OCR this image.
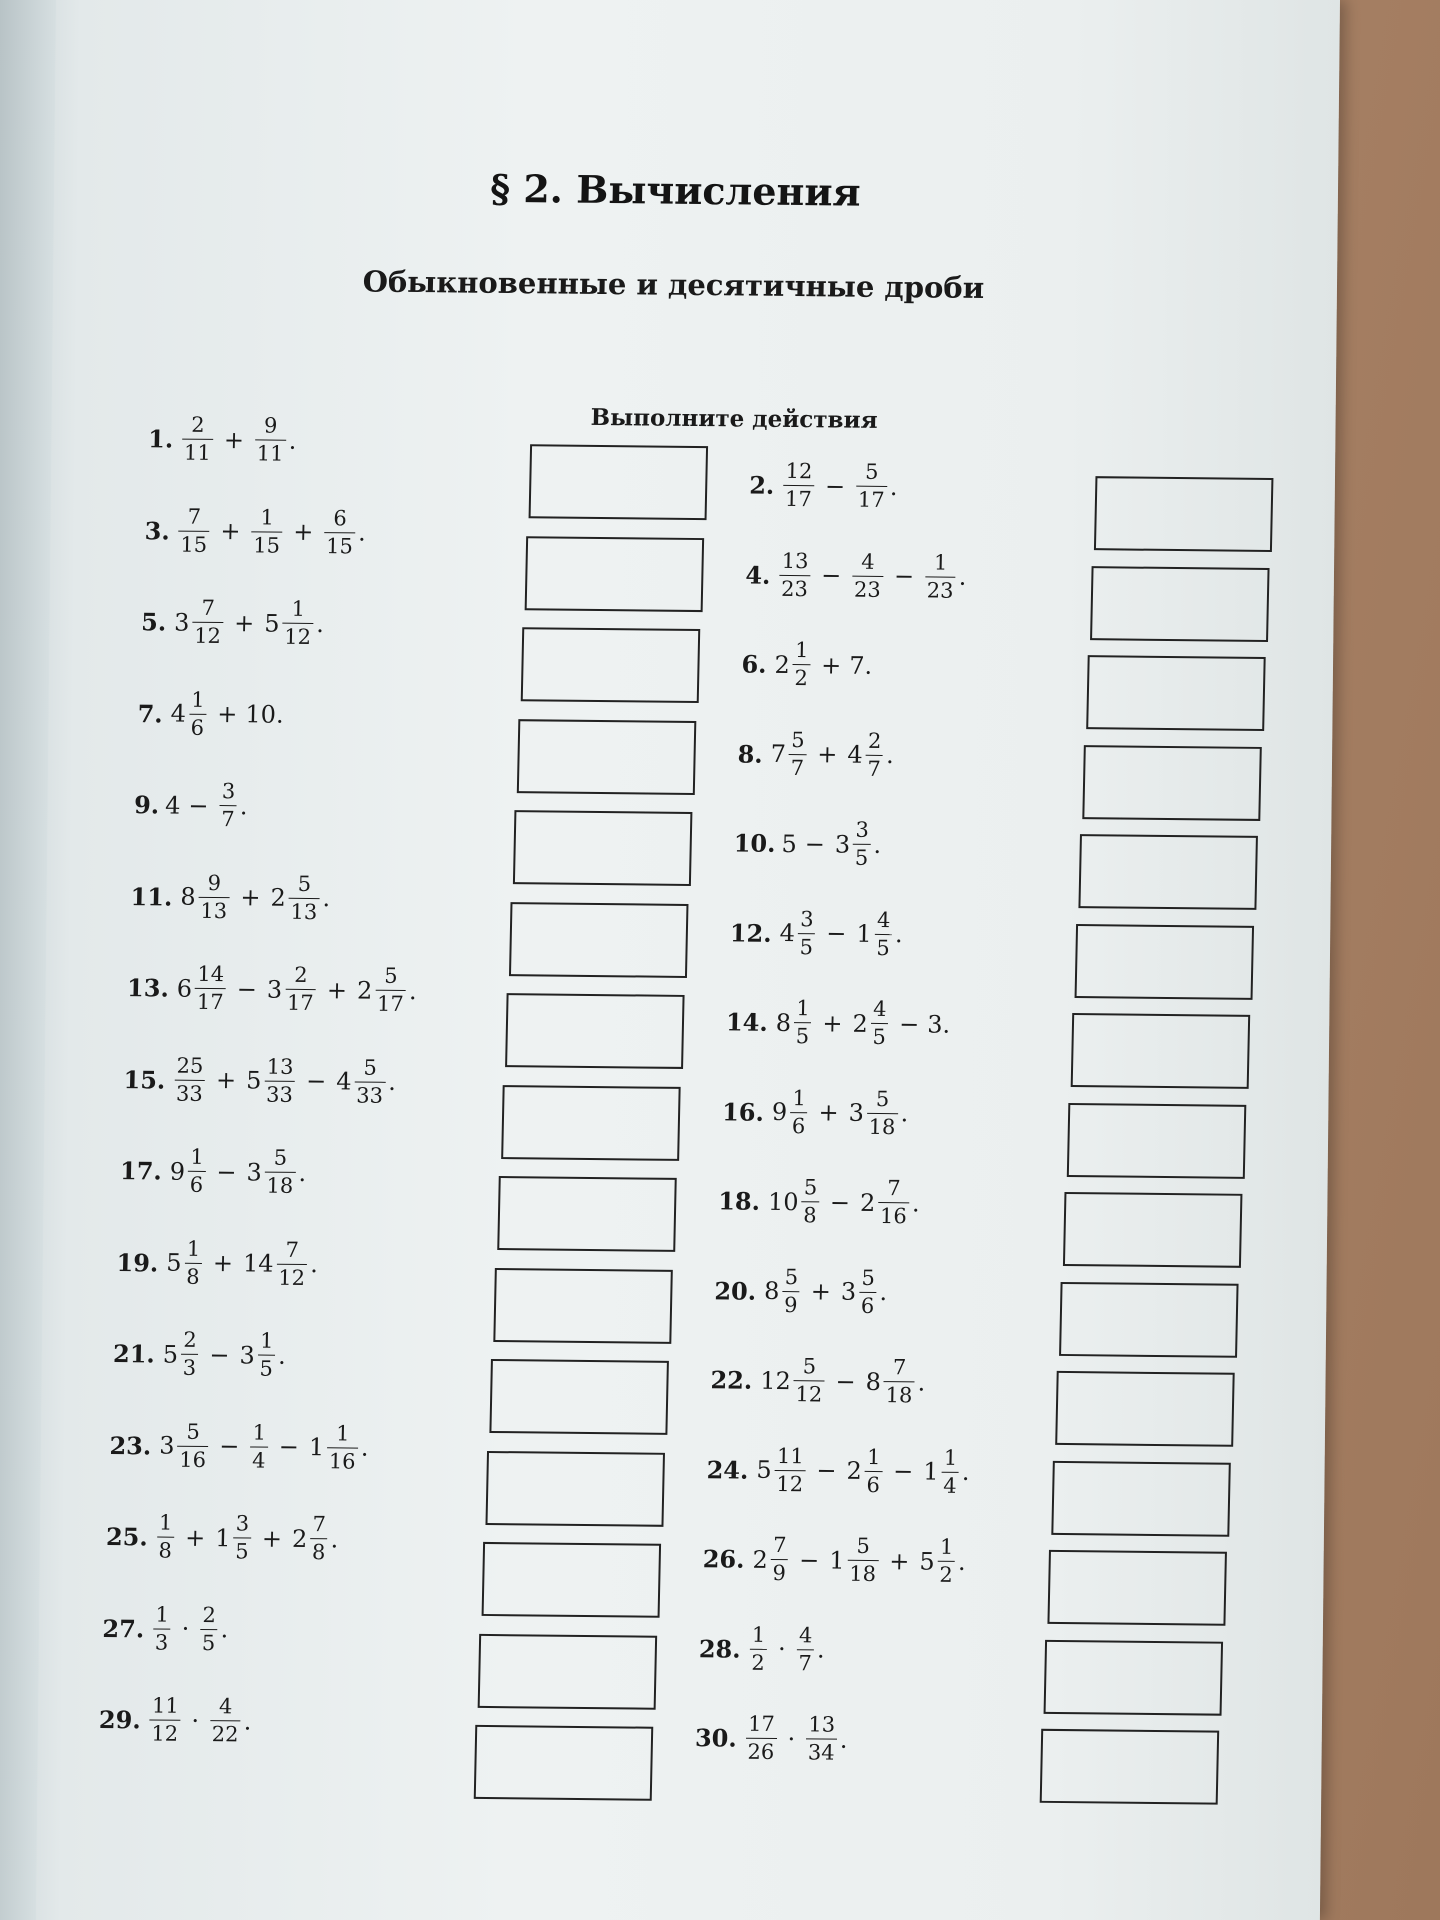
§ 2. Вычисления
Обыкновенные и десятичные дроби
Выполните действия
1. $\frac{2}{11} + \frac{9}{11}$ .
3. $\frac{7}{15} + \frac{1}{15} + \frac{6}{15}$ .
5. $3 \frac{7}{12} + 5 \frac{1}{12}$ .
7. $4 \frac{1}{6} + 10$.
9. $4 - \frac{3}{7}$ .
11. $8 \frac{9}{13} + 2 \frac{5}{13}$ .
13. $6 \frac{14}{17} - 3 \frac{2}{17} + 2 \frac{5}{17}$ .
15. $\frac{25}{33} + 5 \frac{13}{33} - 4 \frac{5}{33}$ .
17. $9 \frac{1}{6} - 3 \frac{5}{18}$ .
19. $5 \frac{1}{8} + 14 \frac{7}{12}$ .
21. $5 \frac{2}{3} - 3 \frac{1}{5}$ .
23. $3 \frac{5}{16} - \frac{1}{4} - 1 \frac{1}{16}$ .
25. $\frac{1}{8} + 1 \frac{3}{5} + 2 \frac{7}{8}$ .
27. $\frac{1}{3} \cdot \frac{2}{5}$ .
29. $\frac{11}{12} \cdot \frac{4}{22}$ .
2. $\frac{12}{17} - \frac{5}{17}$ .
4. $\frac{13}{23} - \frac{4}{23} - \frac{1}{23}$ .
6. $2 \frac{1}{2} + 7$.
8. $7 \frac{5}{7} + 4 \frac{2}{7}$ .
10. $5 - 3 \frac{3}{5}$ .
12. $4 \frac{3}{5} - 1 \frac{4}{5}$ .
14. $8 \frac{1}{5} + 2 \frac{4}{5} - 3$.
16. $9 \frac{1}{6} + 3 \frac{5}{18}$ .
18. $10 \frac{5}{8} - 2 \frac{7}{16}$ .
20. $8 \frac{5}{9} + 3 \frac{5}{6}$ .
22. $12 \frac{5}{12} - 8 \frac{7}{18}$ .
24. $5 \frac{11}{12} - 2 \frac{1}{6} - 1 \frac{1}{4}$ .
26. $2 \frac{7}{9} - 1 \frac{5}{18} + 5 \frac{1}{2}$ .
28. $\frac{1}{2} \cdot \frac{4}{7}$ .
30. $\frac{17}{26} \cdot \frac{13}{34}$ .
